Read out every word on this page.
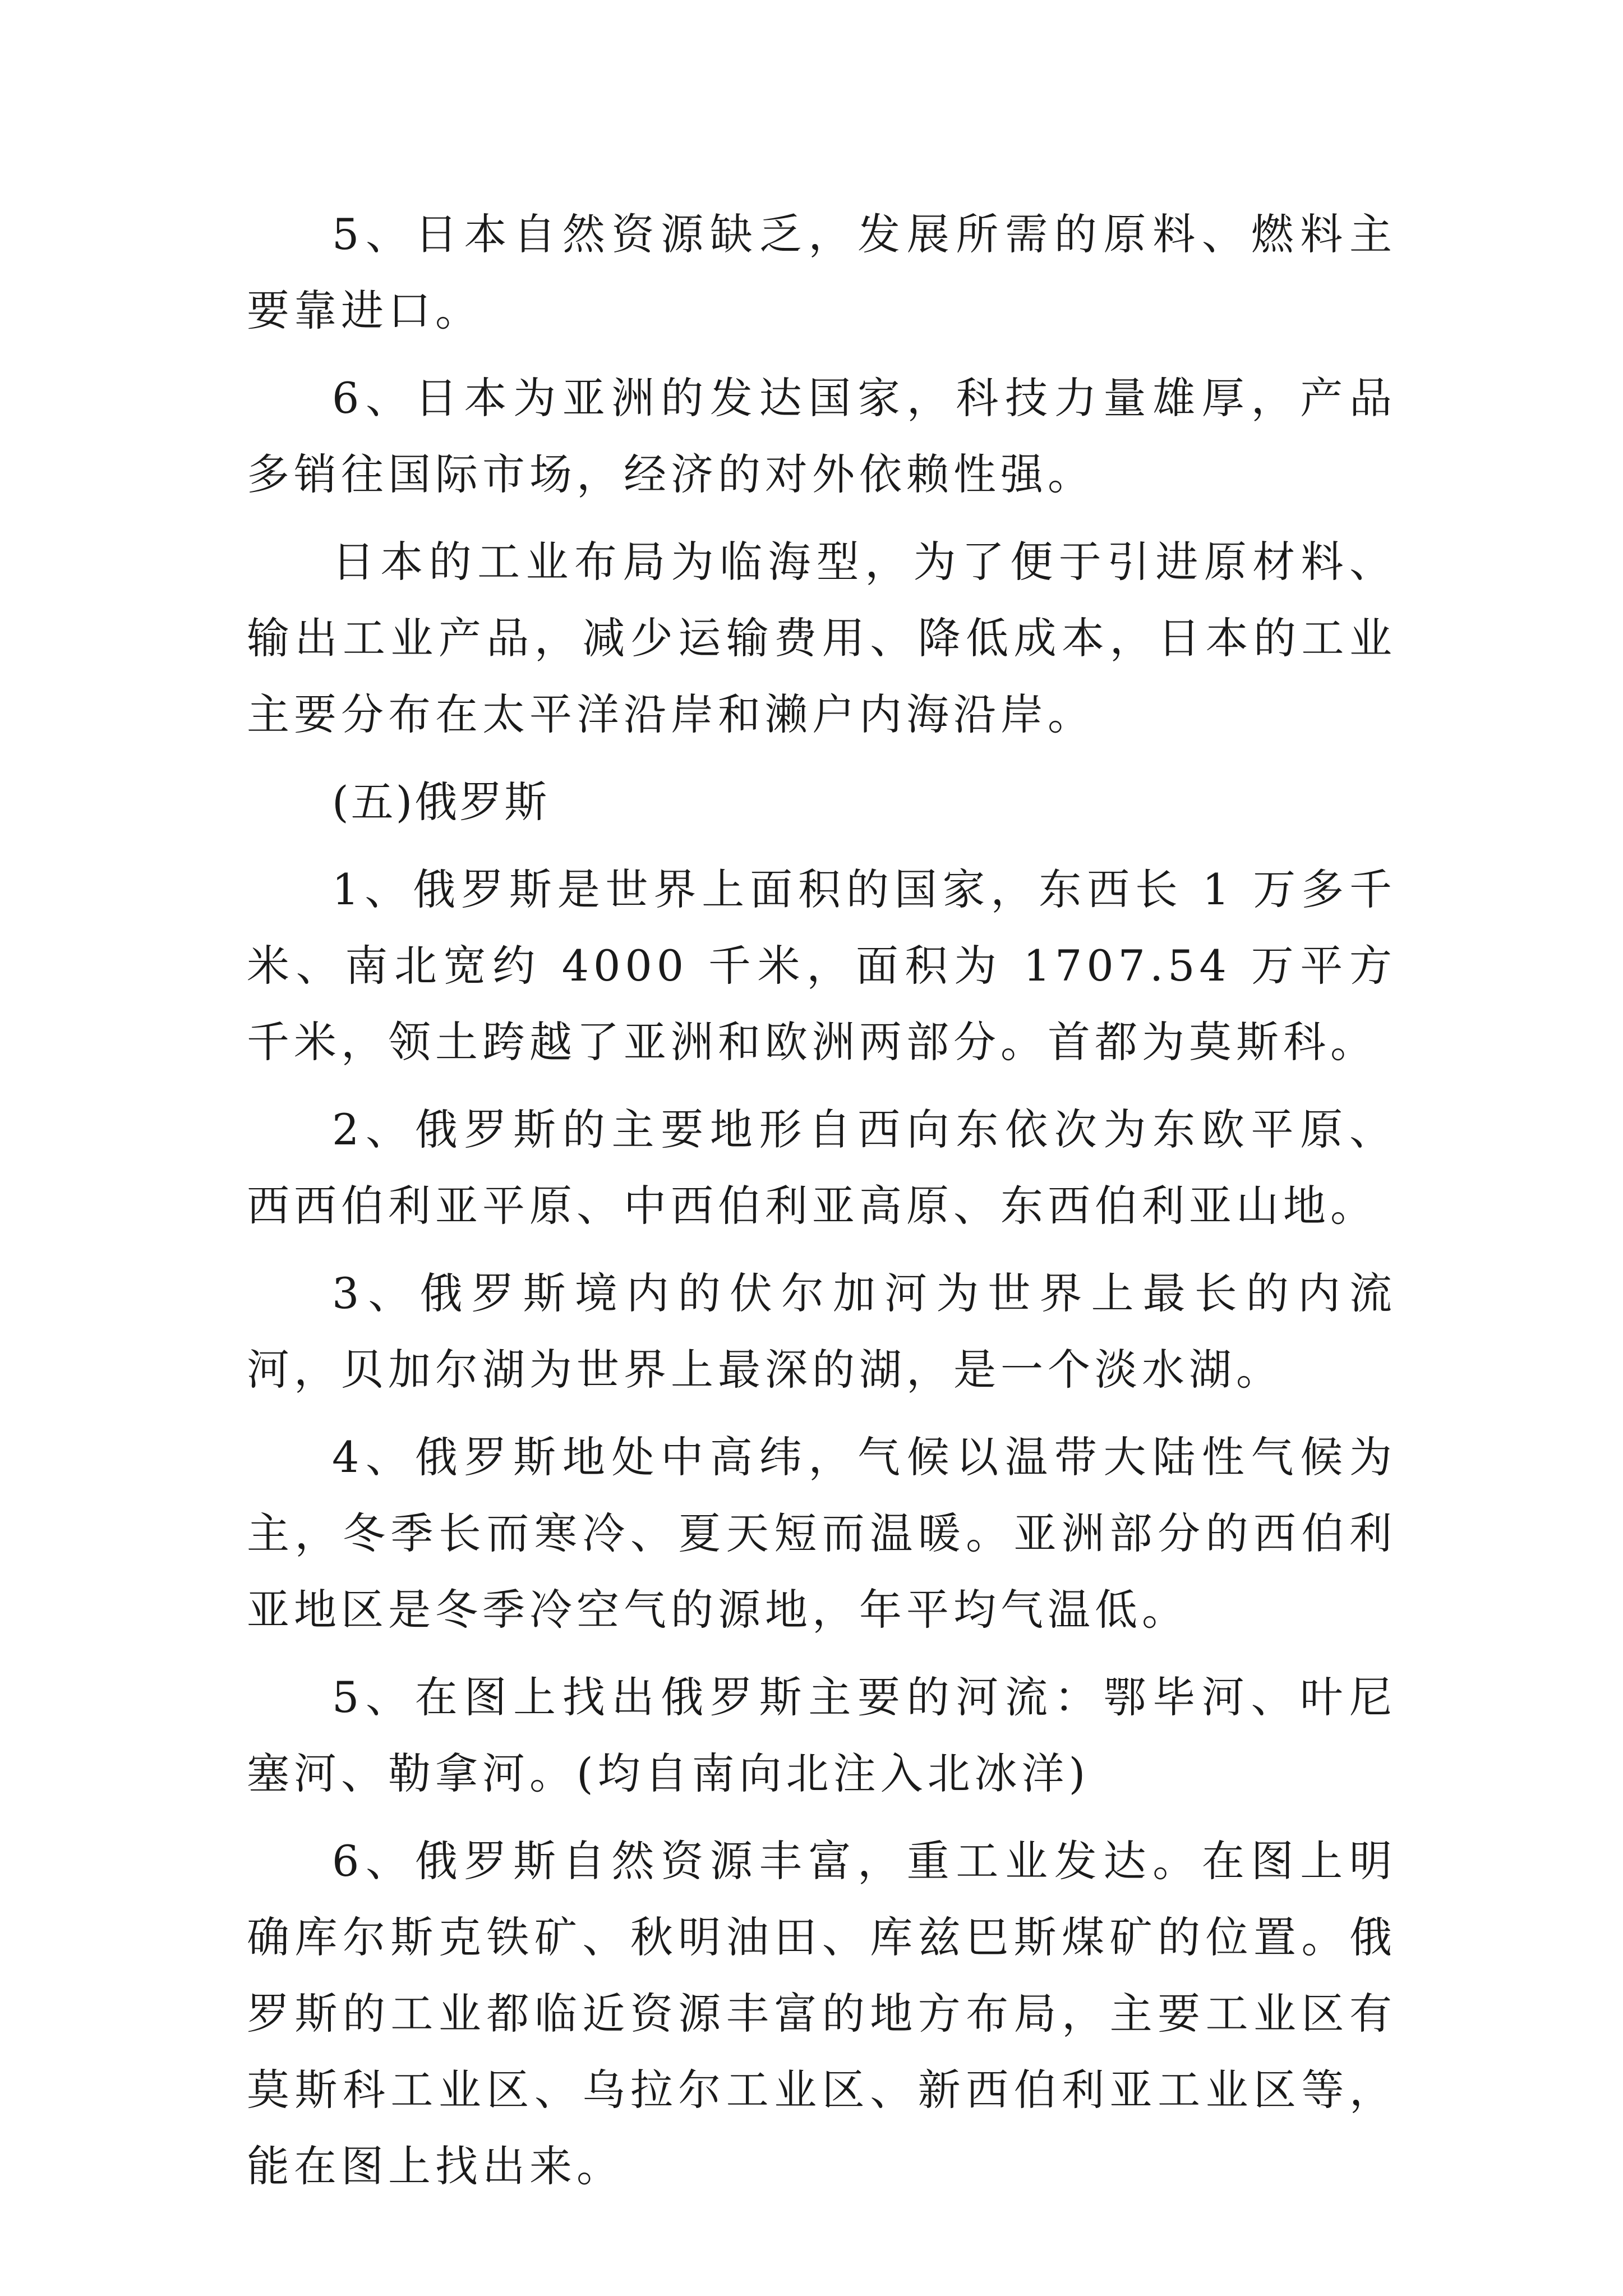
5、日本自然资源缺乏，发展所需的原料、燃料主要靠进口。

6、日本为亚洲的发达国家，科技力量雄厚，产品多销往国际市场，经济的对外依赖性强。

日本的工业布局为临海型，为了便于引进原材料、输出工业产品，减少运输费用、降低成本，日本的工业主要分布在太平洋沿岸和濑户内海沿岸。

(五)俄罗斯

1、俄罗斯是世界上面积的国家，东西长 1 万多千米、南北宽约 4000 千米，面积为 1707.54 万平方千米，领土跨越了亚洲和欧洲两部分。首都为莫斯科。

2、俄罗斯的主要地形自西向东依次为东欧平原、西西伯利亚平原、中西伯利亚高原、东西伯利亚山地。

3、俄罗斯境内的伏尔加河为世界上最长的内流河，贝加尔湖为世界上最深的湖，是一个淡水湖。

4、俄罗斯地处中高纬，气候以温带大陆性气候为主，冬季长而寒冷、夏天短而温暖。亚洲部分的西伯利亚地区是冬季冷空气的源地，年平均气温低。

5、在图上找出俄罗斯主要的河流：鄂毕河、叶尼塞河、勒拿河。(均自南向北注入北冰洋)

6、俄罗斯自然资源丰富，重工业发达。在图上明确库尔斯克铁矿、秋明油田、库兹巴斯煤矿的位置。俄罗斯的工业都临近资源丰富的地方布局，主要工业区有莫斯科工业区、乌拉尔工业区、新西伯利亚工业区等，能在图上找出来。
